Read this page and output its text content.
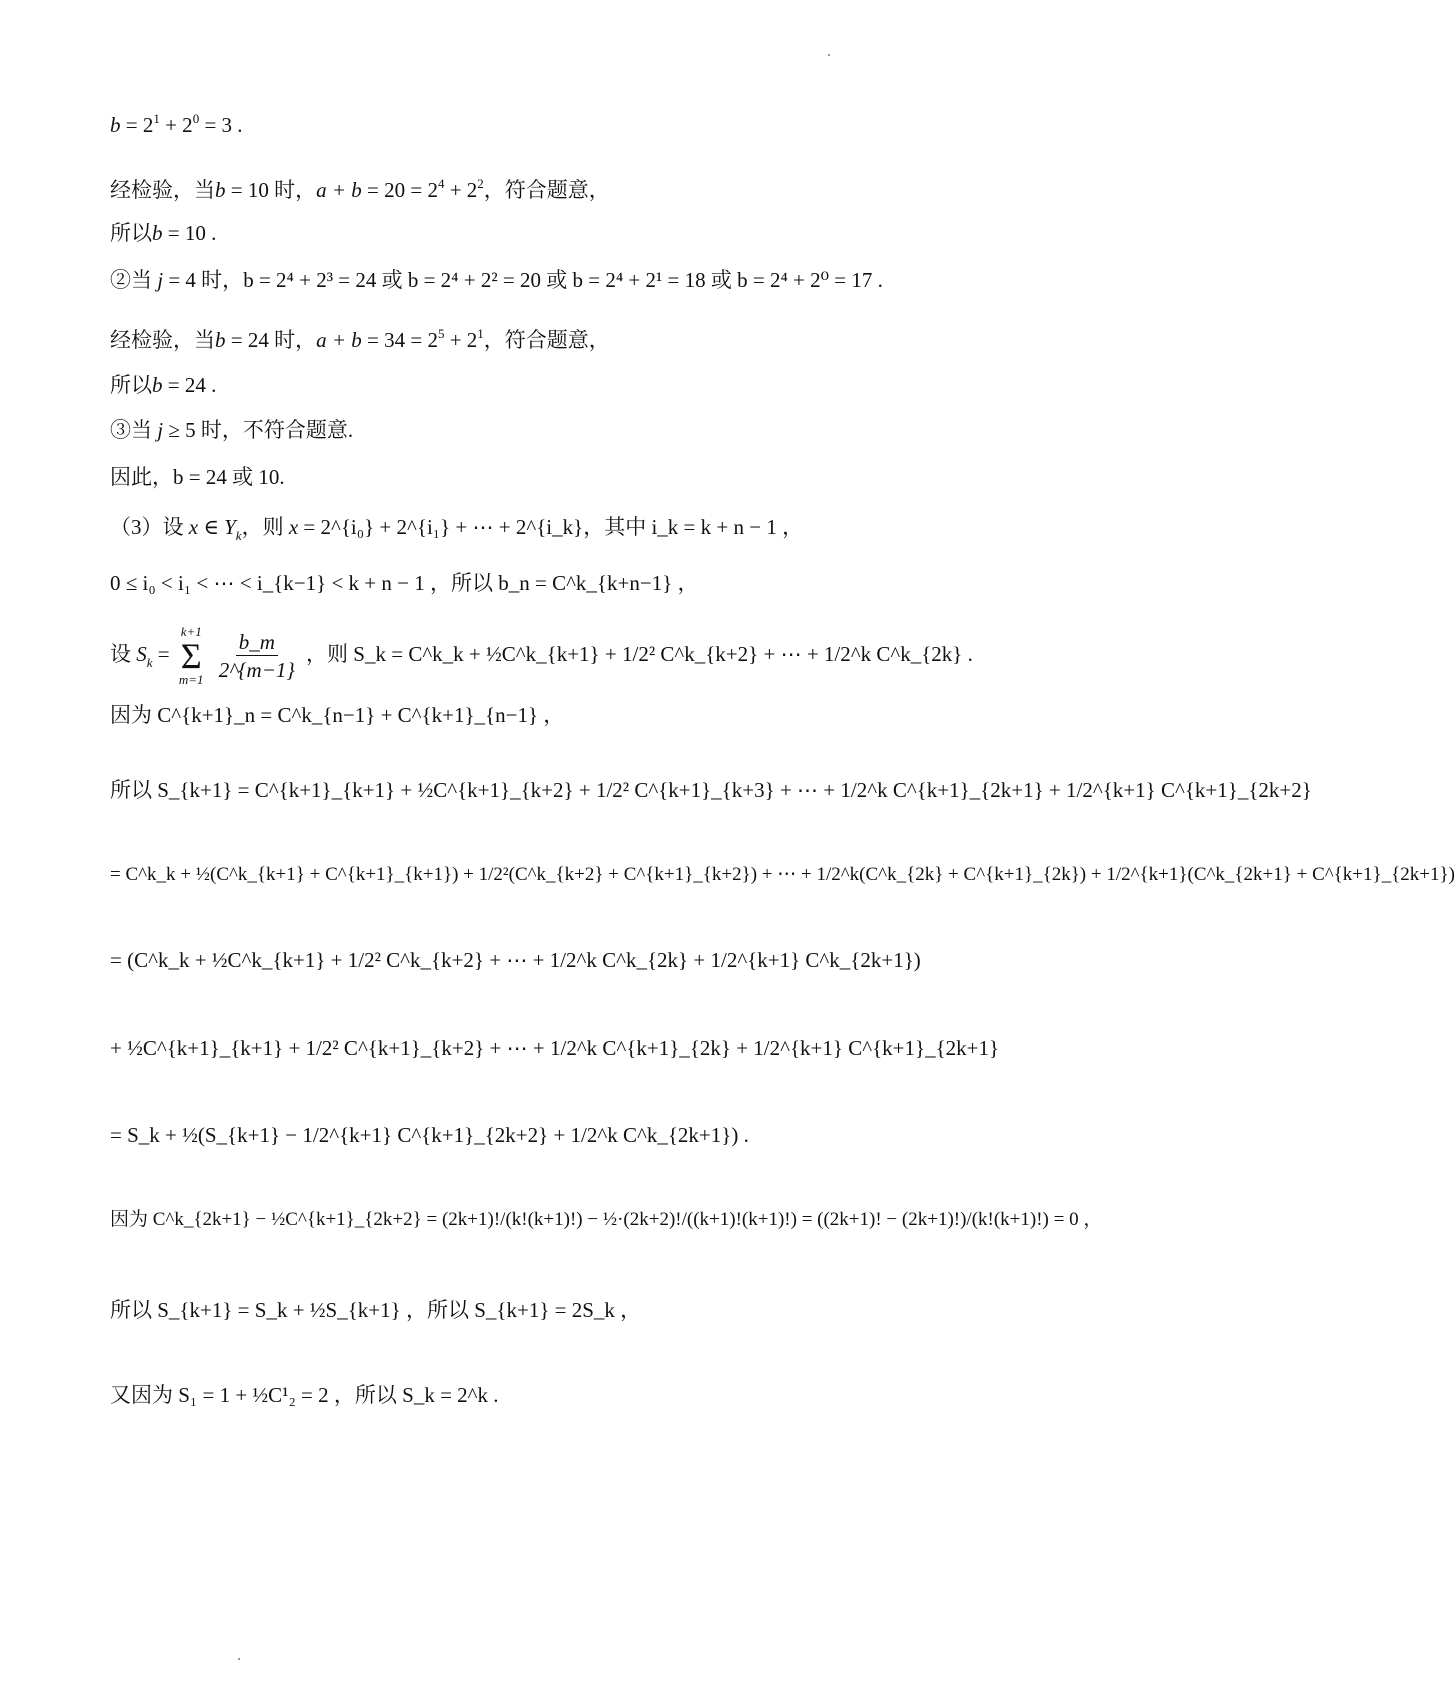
$b = 2^1 + 2^0 = 3$ .
经检验，当b = 10 时，$a + b = 20 = 2^4 + 2^2$，符合题意，
所以b = 10 .
②当 j = 4 时，b = 2⁴ + 2³ = 24 或 b = 2⁴ + 2² = 20 或 b = 2⁴ + 2¹ = 18 或 b = 2⁴ + 2⁰ = 17 .
经检验，当b = 24 时，$a + b = 34 = 2^5 + 2^1$，符合题意，
所以b = 24 .
③当 j ≥ 5 时，不符合题意.
因此，b = 24 或 10.
（3）设 x ∈ $Y_k$，则 x = 2^{i₀} + 2^{i₁} + ⋯ + 2^{i_k}，其中 i_k = k + n − 1 ，
0 ≤ i₀ < i₁ < ⋯ < i_{k−1} < k + n − 1 ，所以 b_n = C^k_{k+n−1} ，
设 $S_k$ =
k+1
Σ
m=1
$\frac{b\_m}{2\^{}\{m-1\}}$ ，则 S_k = C^k_k + ½C^k_{k+1} + 1/2² C^k_{k+2} + ⋯ + 1/2^k C^k_{2k} .
因为 C^{k+1}_n = C^k_{n−1} + C^{k+1}_{n−1} ，
所以 S_{k+1} = C^{k+1}_{k+1} + ½C^{k+1}_{k+2} + 1/2² C^{k+1}_{k+3} + ⋯ + 1/2^k C^{k+1}_{2k+1} + 1/2^{k+1} C^{k+1}_{2k+2}
= C^k_k + ½(C^k_{k+1} + C^{k+1}_{k+1}) + 1/2²(C^k_{k+2} + C^{k+1}_{k+2}) + ⋯ + 1/2^k(C^k_{2k} + C^{k+1}_{2k}) + 1/2^{k+1}(C^k_{2k+1} + C^{k+1}_{2k+1})
= (C^k_k + ½C^k_{k+1} + 1/2² C^k_{k+2} + ⋯ + 1/2^k C^k_{2k} + 1/2^{k+1} C^k_{2k+1})
+ ½C^{k+1}_{k+1} + 1/2² C^{k+1}_{k+2} + ⋯ + 1/2^k C^{k+1}_{2k} + 1/2^{k+1} C^{k+1}_{2k+1}
= S_k + ½(S_{k+1} − 1/2^{k+1} C^{k+1}_{2k+2} + 1/2^k C^k_{2k+1}) .
因为 C^k_{2k+1} − ½C^{k+1}_{2k+2} = (2k+1)!/(k!(k+1)!) − ½·(2k+2)!/((k+1)!(k+1)!) = ((2k+1)! − (2k+1)!)/(k!(k+1)!) = 0 ，
所以 S_{k+1} = S_k + ½S_{k+1} ，所以 S_{k+1} = 2S_k ，
又因为 S₁ = 1 + ½C¹₂ = 2 ，所以 S_k = 2^k .
